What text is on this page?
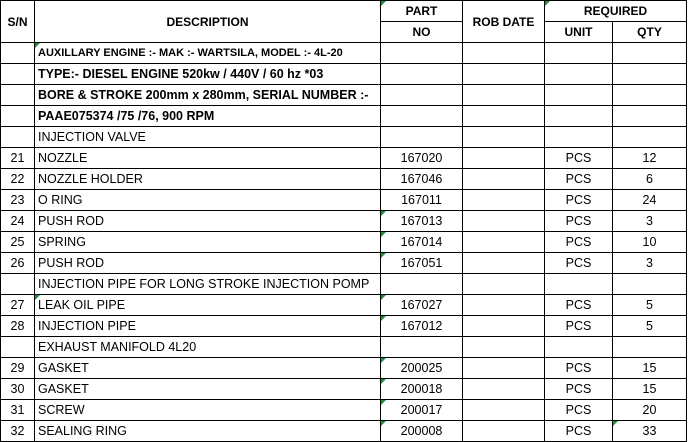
S/N	DESCRIPTION	PART	ROB DATE	REQUIRED	
		NO		UNIT	QTY
	AUXILLARY ENGINE :- MAK :- WARTSILA, MODEL :- 4L-20				
	TYPE:- DIESEL ENGINE 520kw / 440V / 60 hz *03				
	BORE & STROKE 200mm x 280mm, SERIAL NUMBER :-				
	PAAE075374 /75 /76, 900 RPM				
	INJECTION VALVE				
21	NOZZLE	167020		PCS	12
22	NOZZLE HOLDER	167046		PCS	6
23	O RING	167011		PCS	24
24	PUSH ROD	167013		PCS	3
25	SPRING	167014		PCS	10
26	PUSH ROD	167051		PCS	3
	INJECTION PIPE FOR LONG STROKE INJECTION POMP				
27	LEAK OIL PIPE	167027		PCS	5
28	INJECTION PIPE	167012		PCS	5
	EXHAUST MANIFOLD 4L20				
29	GASKET	200025		PCS	15
30	GASKET	200018		PCS	15
31	SCREW	200017		PCS	20
32	SEALING RING	200008		PCS	33
